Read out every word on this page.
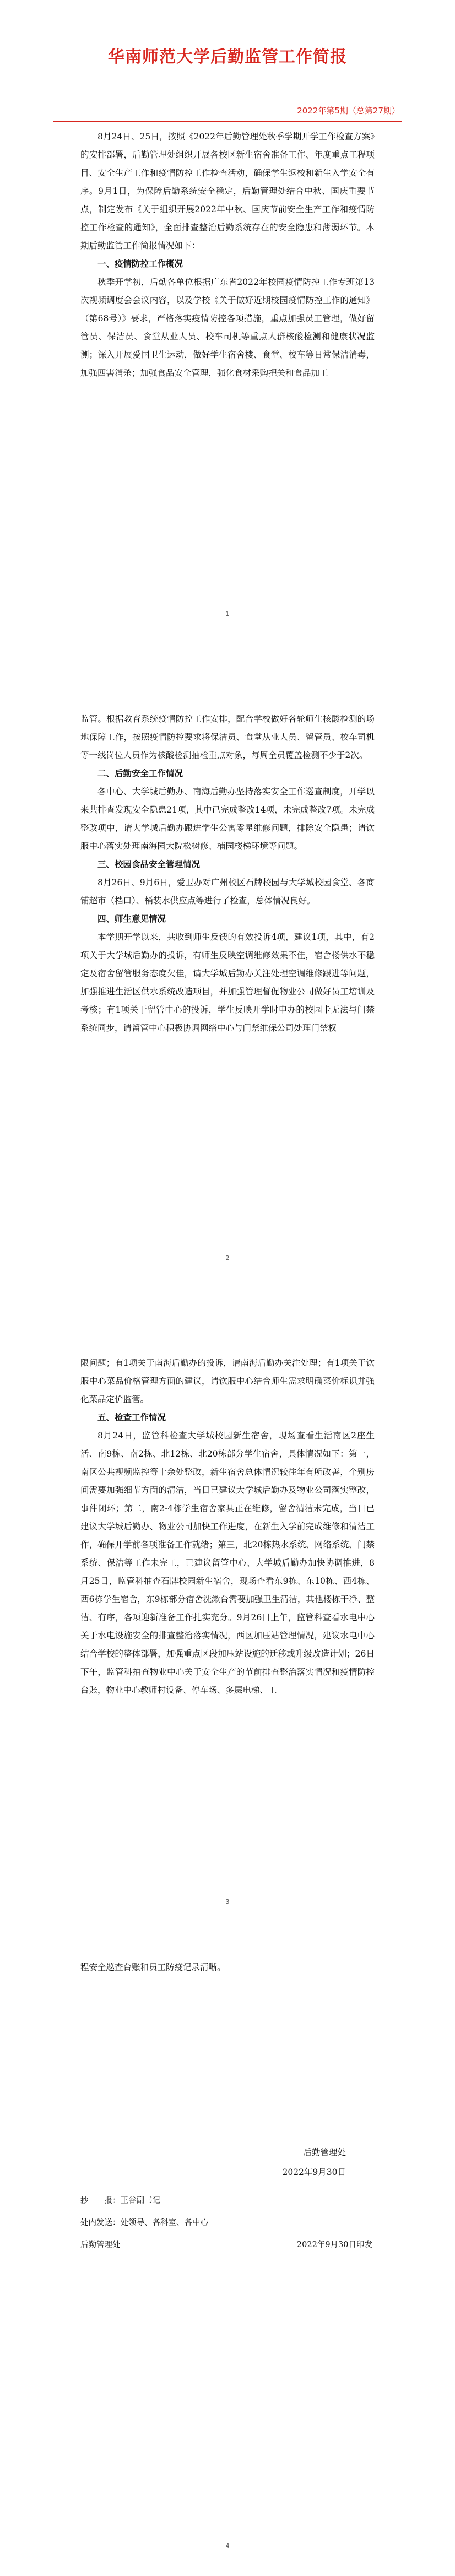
华南师范大学后勤监管工作简报
2022年第5期（总第27期）

8月24日、25日，按照《2022年后勤管理处秋季学期开学工作检查方案》的安排部署，后勤管理处组织开展各校区新生宿舍准备工作、年度重点工程项目、安全生产工作和疫情防控工作检查活动，确保学生返校和新生入学安全有序。9月1日，为保障后勤系统安全稳定，后勤管理处结合中秋、国庆重要节点，制定发布《关于组织开展2022年中秋、国庆节前安全生产工作和疫情防控工作检查的通知》，全面排查整治后勤系统存在的安全隐患和薄弱环节。本期后勤监管工作简报情况如下：

一、疫情防控工作概况

秋季开学初，后勤各单位根据广东省2022年校园疫情防控工作专班第13次视频调度会会议内容，以及学校《关于做好近期校园疫情防控工作的通知》（第68号）》要求，严格落实疫情防控各项措施，重点加强员工管理，做好留管员、保洁员、食堂从业人员、校车司机等重点人群核酸检测和健康状况监测；深入开展爱国卫生运动，做好学生宿舍楼、食堂、校车等日常保洁消毒，加强四害消杀；加强食品安全管理，强化食材采购把关和食品加工

1

监管。根据教育系统疫情防控工作安排，配合学校做好各轮师生核酸检测的场地保障工作，按照疫情防控要求将保洁员、食堂从业人员、留管员、校车司机等一线岗位人员作为核酸检测抽检重点对象，每周全员覆盖检测不少于2次。

二、后勤安全工作情况

各中心、大学城后勤办、南海后勤办坚持落实安全工作巡查制度，开学以来共排查发现安全隐患21项，其中已完成整改14项，未完成整改7项。未完成整改项中，请大学城后勤办跟进学生公寓零星维修问题，排除安全隐患；请饮服中心落实处理南海园大院松树修、楠园楼梯环境等问题。

三、校园食品安全管理情况

8月26日、9月6日，爱卫办对广州校区石牌校园与大学城校园食堂、各商铺超市（档口）、桶装水供应点等进行了检查，总体情况良好。

四、师生意见情况

本学期开学以来，共收到师生反馈的有效投诉4项，建议1项，其中，有2项关于大学城后勤办的投诉，有师生反映空调维修效果不佳，宿舍楼供水不稳定及宿舍留管服务态度欠佳，请大学城后勤办关注处理空调维修跟进等问题，加强推进生活区供水系统改造项目，并加强管理督促物业公司做好员工培训及考核；有1项关于留管中心的投诉，学生反映开学时申办的校园卡无法与门禁系统同步，请留管中心积极协调网络中心与门禁维保公司处理门禁权

2

限问题；有1项关于南海后勤办的投诉，请南海后勤办关注处理；有1项关于饮服中心菜品价格管理方面的建议，请饮服中心结合师生需求明确菜价标识并强化菜品定价监管。

五、检查工作情况

8月24日，监管科检查大学城校园新生宿舍，现场查看生活南区2座生活、南9栋、南2栋、北12栋、北20栋部分学生宿舍，具体情况如下：第一，南区公共视频监控等十余处整改，新生宿舍总体情况较往年有所改善，个别房间需要加强细节方面的清洁，当日已建议大学城后勤办及物业公司落实整改，事件闭环；第二，南2-4栋学生宿舍家具正在维修，留舍清洁未完成，当日已建议大学城后勤办、物业公司加快工作进度，在新生入学前完成维修和清洁工作，确保开学前各项准备工作就绪；第三，北20栋热水系统、网络系统、门禁系统、保洁等工作未完工，已建议留管中心、大学城后勤办加快协调推进，8月25日，监管科抽查石牌校园新生宿舍，现场查看东9栋、东10栋、西4栋、西6栋学生宿舍，东9栋部分宿舍洗漱台需要加强卫生清洁，其他楼栋干净、整洁、有序，各项迎新准备工作扎实充分。9月26日上午，监管科查看水电中心关于水电设施安全的排查整治落实情况，西区加压站管理情况，建议水电中心结合学校的整体部署，加强重点区段加压站设施的迁移或升级改造计划；26日下午，监管科抽查物业中心关于安全生产的节前排查整治落实情况和疫情防控台账，物业中心教师村设备、停车场、多层电梯、工

3

程安全巡查台账和员工防疫记录清晰。

后勤管理处
2022年9月30日
抄　　报：王谷副书记
处内发送：处领导、各科室、各中心
后勤管理处	2022年9月30日印发
4
